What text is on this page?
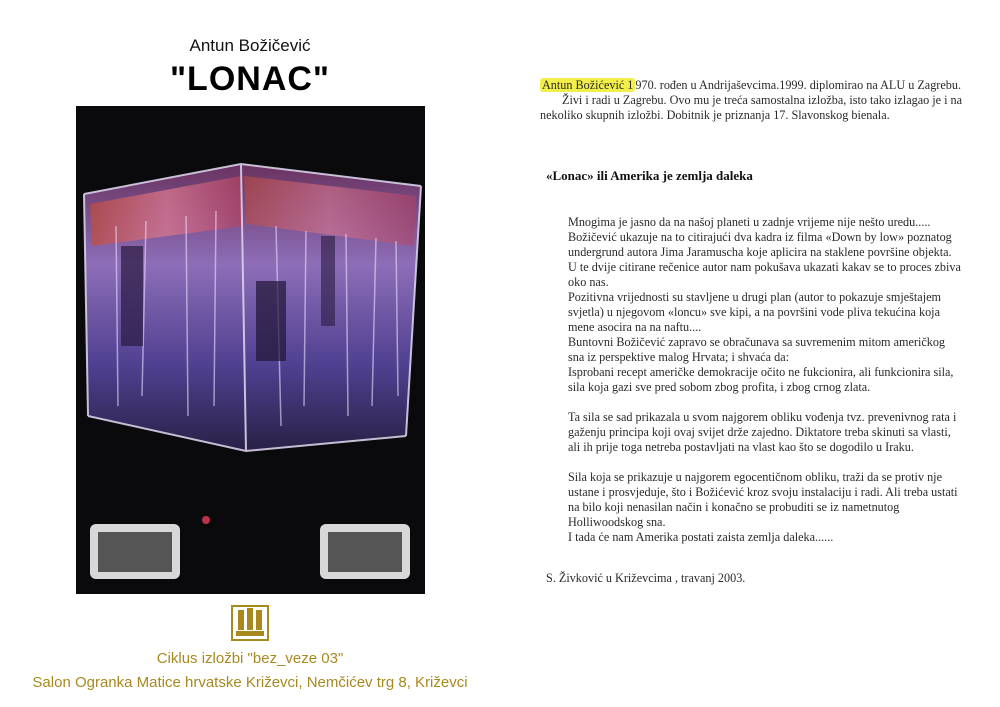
Antun Božičević
"LONAC"
Ciklus izložbi "bez_veze 03"
Salon Ogranka Matice hrvatske Križevci, Nemčićev trg 8, Križevci

Antun Božićević 1 970. rođen u Andrijaševcima.1999. diplomirao na ALU u Zagrebu.

Živi i radi u Zagrebu. Ovo mu je treća samostalna izložba, isto tako izlagao je i na nekoliko skupnih izložbi. Dobitnik je priznanja 17. Slavonskog bienala.

«Lonac» ili Amerika je zemlja daleka

Mnogima je jasno da na našoj planeti u zadnje vrijeme nije nešto uredu.....

Božičević ukazuje na to citirajući dva kadra iz filma «Down by low» poznatog undergrund autora Jima Jaramuscha koje aplicira na staklene površine objekta.

U te dvije citirane rečenice autor nam pokušava ukazati kakav se to proces zbiva oko nas.

Pozitivna vrijednosti su stavljene u drugi plan (autor to pokazuje smještajem svjetla) u njegovom «loncu» sve kipi, a na površini vode pliva tekućina koja mene asocira na na naftu....

Buntovni Božičević zapravo se obračunava sa suvremenim mitom američkog sna iz perspektive malog Hrvata; i shvaća da:

Isprobani recept američke demokracije očito ne fukcionira, ali funkcionira sila, sila koja gazi sve pred sobom zbog profita, i zbog crnog zlata.

Ta sila se sad prikazala u svom najgorem obliku vođenja tvz. prevenivnog rata i gaženju principa koji ovaj svijet drže zajedno. Diktatore treba skinuti sa vlasti, ali ih prije toga netreba postavljati na vlast kao što se dogodilo u Iraku.

Sila koja se prikazuje u najgorem egocentičnom obliku, traži da se protiv nje ustane i prosvjeduje, što i Božićević kroz svoju instalaciju i radi. Ali treba ustati na bilo koji nenasilan način i konačno se probuditi se iz nametnutog Holliwoodskog sna.

I tada će nam Amerika postati zaista zemlja daleka......

S. Živković u Križevcima , travanj 2003.
